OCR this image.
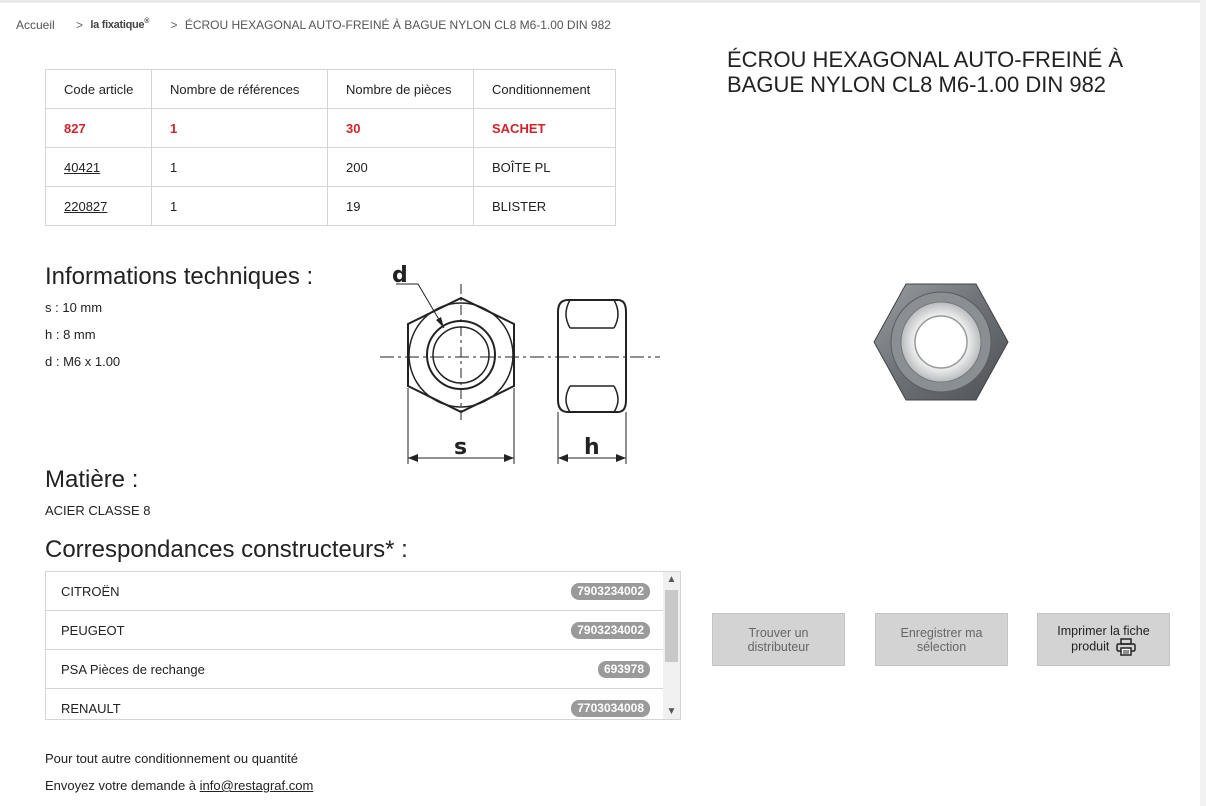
Accueil > la fixatique® > ÉCROU HEXAGONAL AUTO-FREINÉ À BAGUE NYLON CL8 M6-1.00 DIN 982
ÉCROU HEXAGONAL AUTO-FREINÉ À BAGUE NYLON CL8 M6-1.00 DIN 982
Code article	Nombre de références	Nombre de pièces	Conditionnement
827	1	30	SACHET
40421	1	200	BOÎTE PL
220827	1	19	BLISTER
Informations techniques :
s : 10 mm
h : 8 mm
d : M6 x 1.00
d
s	h
Matière :
ACIER CLASSE 8
Correspondances constructeurs* :
CITROËN	7903234002
PEUGEOT	7903234002
PSA Pièces de rechange	693978
RENAULT	7703034008
▲
▼
Trouver un distributeur
Enregistrer ma sélection
Imprimer la fiche produit
Pour tout autre conditionnement ou quantité
Envoyez votre demande à info@restagraf.com
